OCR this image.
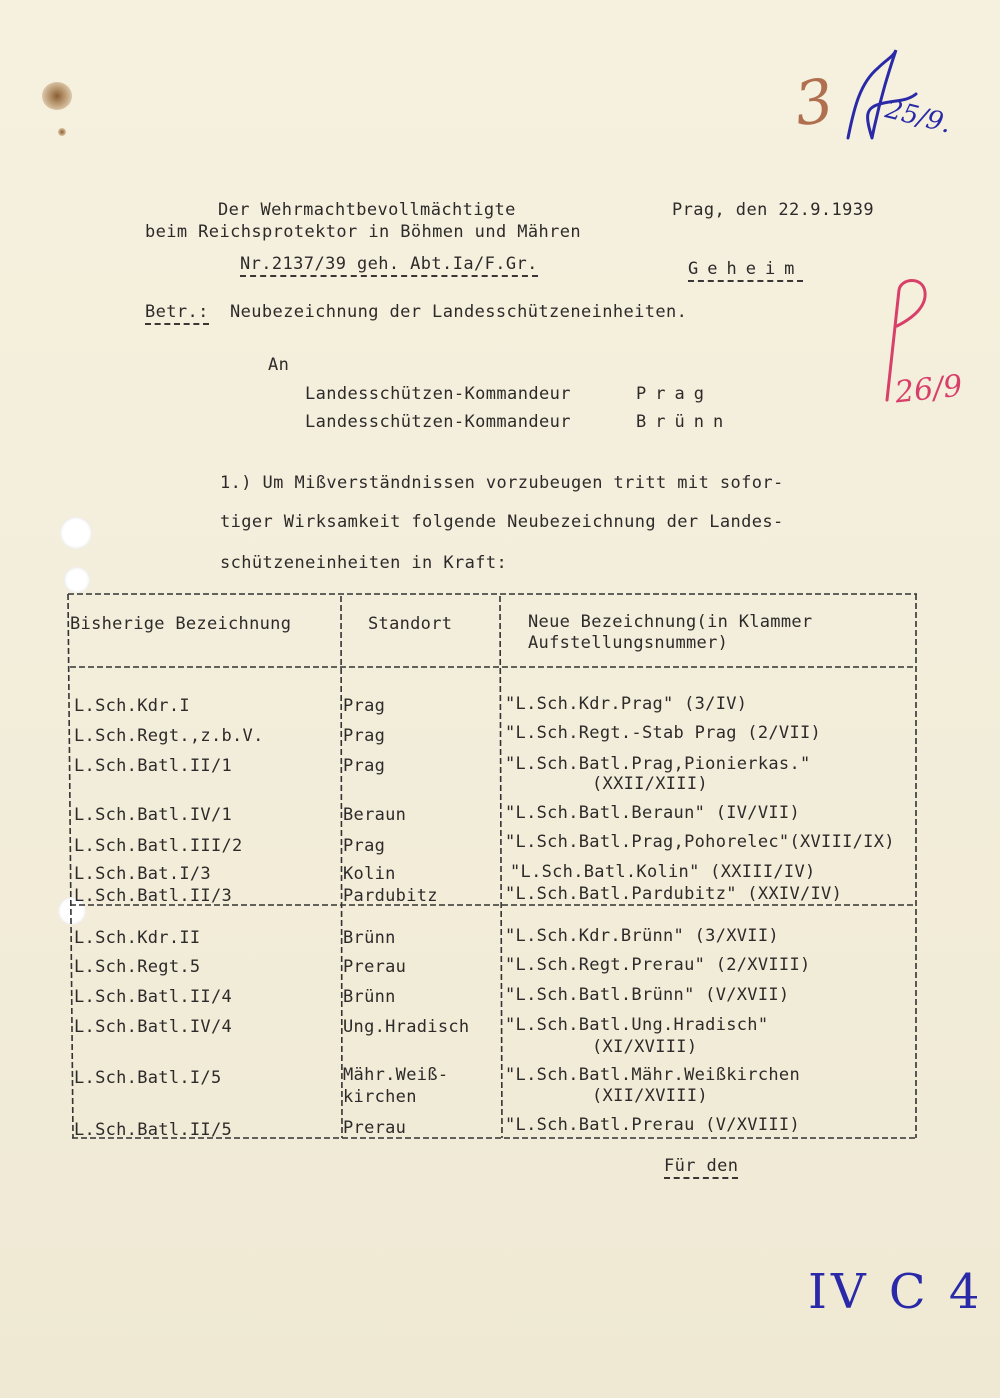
Der Wehrmachtbevollmächtigte
beim Reichsprotektor in Böhmen und Mähren
Nr.2137/39 geh. Abt.Ia/F.Gr.
Prag, den 22.9.1939
Geheim
Betr.: Neubezeichnung der Landesschützeneinheiten.
An
Landesschützen-Kommandeur	Prag
Landesschützen-Kommandeur	Brünn
1.) Um Mißverständnissen vorzubeugen tritt mit sofor-
tiger Wirksamkeit folgende Neubezeichnung der Landes-
schützeneinheiten in Kraft:
Bisherige Bezeichnung	Standort	Neue Bezeichnung(in Klammer
Aufstellungsnummer)
L.Sch.Kdr.I	Prag	"L.Sch.Kdr.Prag" (3/IV)
L.Sch.Regt.,z.b.V.	Prag	"L.Sch.Regt.-Stab Prag (2/VII)
L.Sch.Batl.II/1	Prag	"L.Sch.Batl.Prag,Pionierkas."
(XXII/XIII)
L.Sch.Batl.IV/1	Beraun	"L.Sch.Batl.Beraun" (IV/VII)
L.Sch.Batl.III/2	Prag	"L.Sch.Batl.Prag,Pohorelec"(XVIII/IX)
L.Sch.Bat.I/3	Kolin	"L.Sch.Batl.Kolin" (XXIII/IV)
L.Sch.Batl.II/3	Pardubitz	"L.Sch.Batl.Pardubitz" (XXIV/IV)
L.Sch.Kdr.II	Brünn	"L.Sch.Kdr.Brünn" (3/XVII)
L.Sch.Regt.5	Prerau	"L.Sch.Regt.Prerau" (2/XVIII)
L.Sch.Batl.II/4	Brünn	"L.Sch.Batl.Brünn" (V/XVII)
L.Sch.Batl.IV/4	Ung.Hradisch "L.Sch.Batl.Ung.Hradisch"
(XI/XVIII)
L.Sch.Batl.I/5	Mähr.Weiß-
kirchen
"L.Sch.Batl.Mähr.Weißkirchen
(XII/XVIII)
L.Sch.Batl.II/5	Prerau	"L.Sch.Batl.Prerau (V/XVIII)
Für den
3 25/9.
26/9
IV C 4
